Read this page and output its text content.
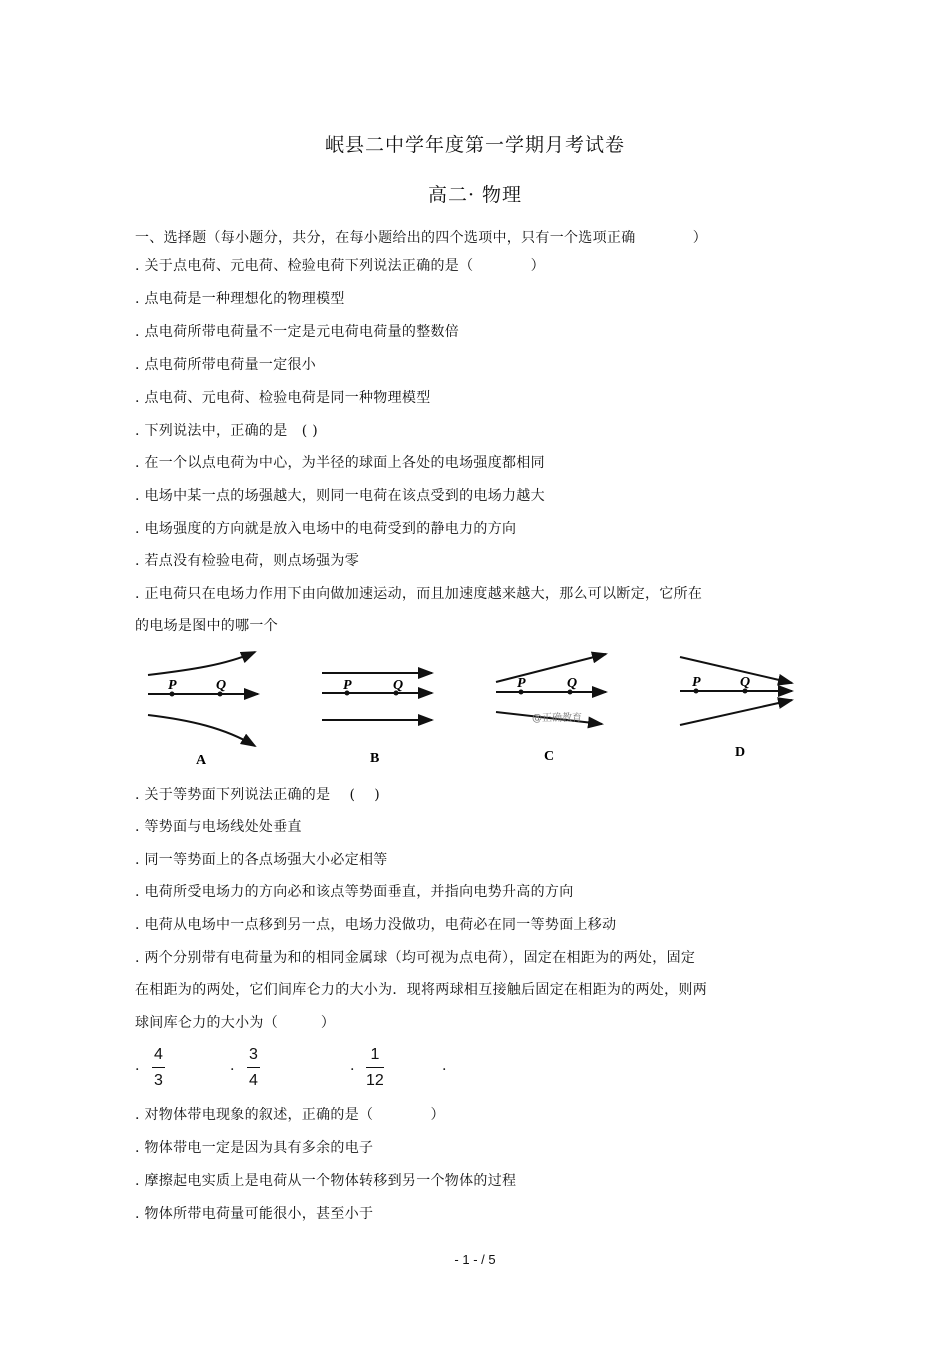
岷县二中学年度第一学期月考试卷
高二· 物理
一、选择题（每小题分，共分，在每小题给出的四个选项中，只有一个选项正确　　　　）
. 关于点电荷、元电荷、检验电荷下列说法正确的是（　　　　）
. 点电荷是一种理想化的物理模型
. 点电荷所带电荷量不一定是元电荷电荷量的整数倍
. 点电荷所带电荷量一定很小
. 点电荷、元电荷、检验电荷是同一种物理模型
. 下列说法中，正确的是　( )
. 在一个以点电荷为中心，为半径的球面上各处的电场强度都相同
. 电场中某一点的场强越大，则同一电荷在该点受到的电场力越大
. 电场强度的方向就是放入电场中的电荷受到的静电力的方向
. 若点没有检验电荷，则点场强为零
. 正电荷只在电场力作用下由向做加速运动，而且加速度越来越大，那么可以断定，它所在
的电场是图中的哪一个
P	Q
A
P	Q
B
P	Q
@正确教育
C
P	Q
D
. 关于等势面下列说法正确的是　 (　 )
. 等势面与电场线处处垂直
. 同一等势面上的各点场强大小必定相等
. 电荷所受电场力的方向必和该点等势面垂直，并指向电势升高的方向
. 电荷从电场中一点移到另一点，电场力没做功，电荷必在同一等势面上移动
. 两个分别带有电荷量为和的相同金属球（均可视为点电荷），固定在相距为的两处，固定
在相距为的两处，它们间库仑力的大小为．现将两球相互接触后固定在相距为的两处，则两
球间库仑力的大小为（　　　）
.
4
3
.
3
4
.
1
12
.
. 对物体带电现象的叙述，正确的是（　　　　）
. 物体带电一定是因为具有多余的电子
. 摩擦起电实质上是电荷从一个物体转移到另一个物体的过程
. 物体所带电荷量可能很小，甚至小于
- 1 - / 5
